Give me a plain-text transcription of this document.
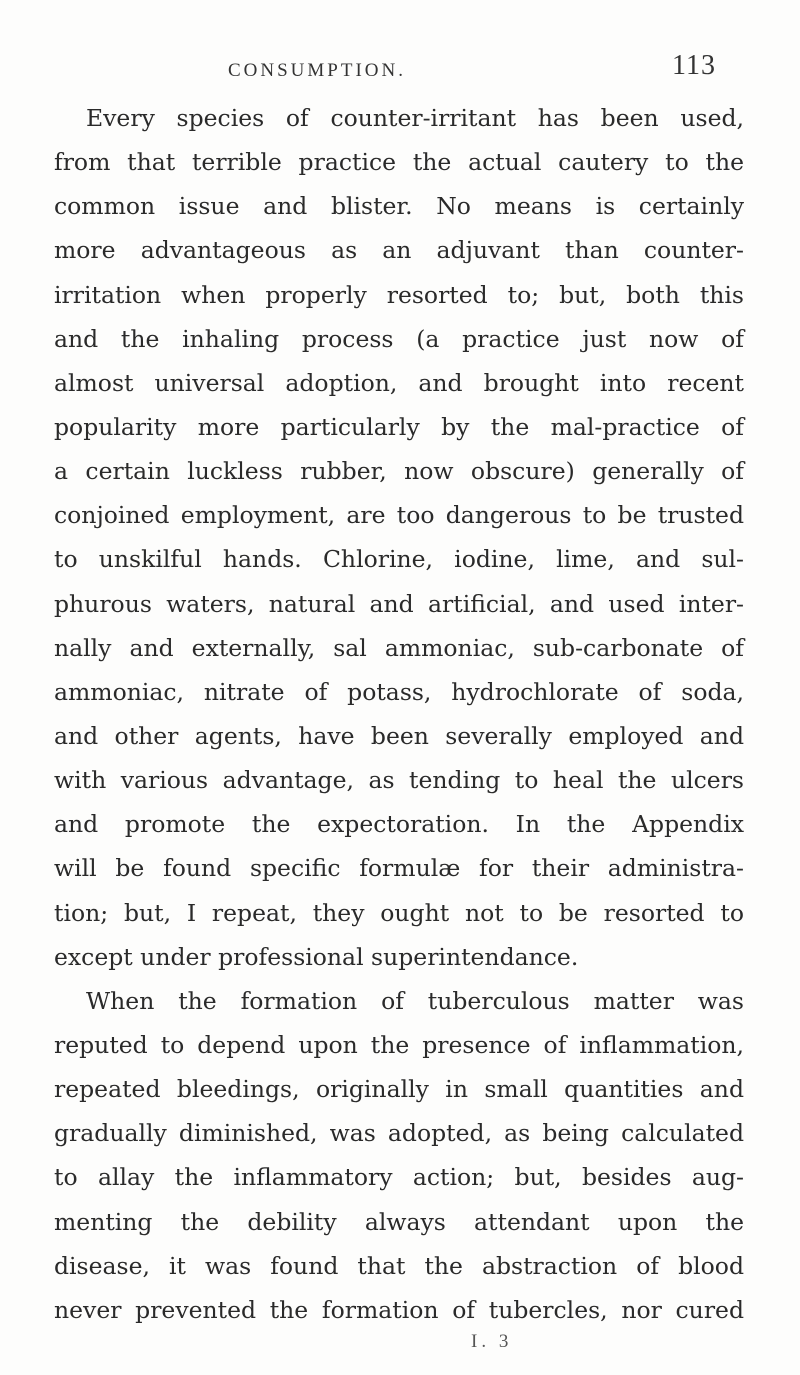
CONSUMPTION.	113
Every species of counter-irritant has been used,
from that terrible practice the actual cautery to the
common issue and blister. No means is certainly
more advantageous as an adjuvant than counter-
irritation when properly resorted to; but, both this
and the inhaling process (a practice just now of
almost universal adoption, and brought into recent
popularity more particularly by the mal-practice of
a certain luckless rubber, now obscure) generally of
conjoined employment, are too dangerous to be trusted
to unskilful hands. Chlorine, iodine, lime, and sul-
phurous waters, natural and artificial, and used inter-
nally and externally, sal ammoniac, sub-carbonate of
ammoniac, nitrate of potass, hydrochlorate of soda,
and other agents, have been severally employed and
with various advantage, as tending to heal the ulcers
and promote the expectoration. In the Appendix
will be found specific formulæ for their administra-
tion; but, I repeat, they ought not to be resorted to
except under professional superintendance.
When the formation of tuberculous matter was
reputed to depend upon the presence of inflammation,
repeated bleedings, originally in small quantities and
gradually diminished, was adopted, as being calculated
to allay the inflammatory action; but, besides aug-
menting the debility always attendant upon the
disease, it was found that the abstraction of blood
never prevented the formation of tubercles, nor cured
I. 3
